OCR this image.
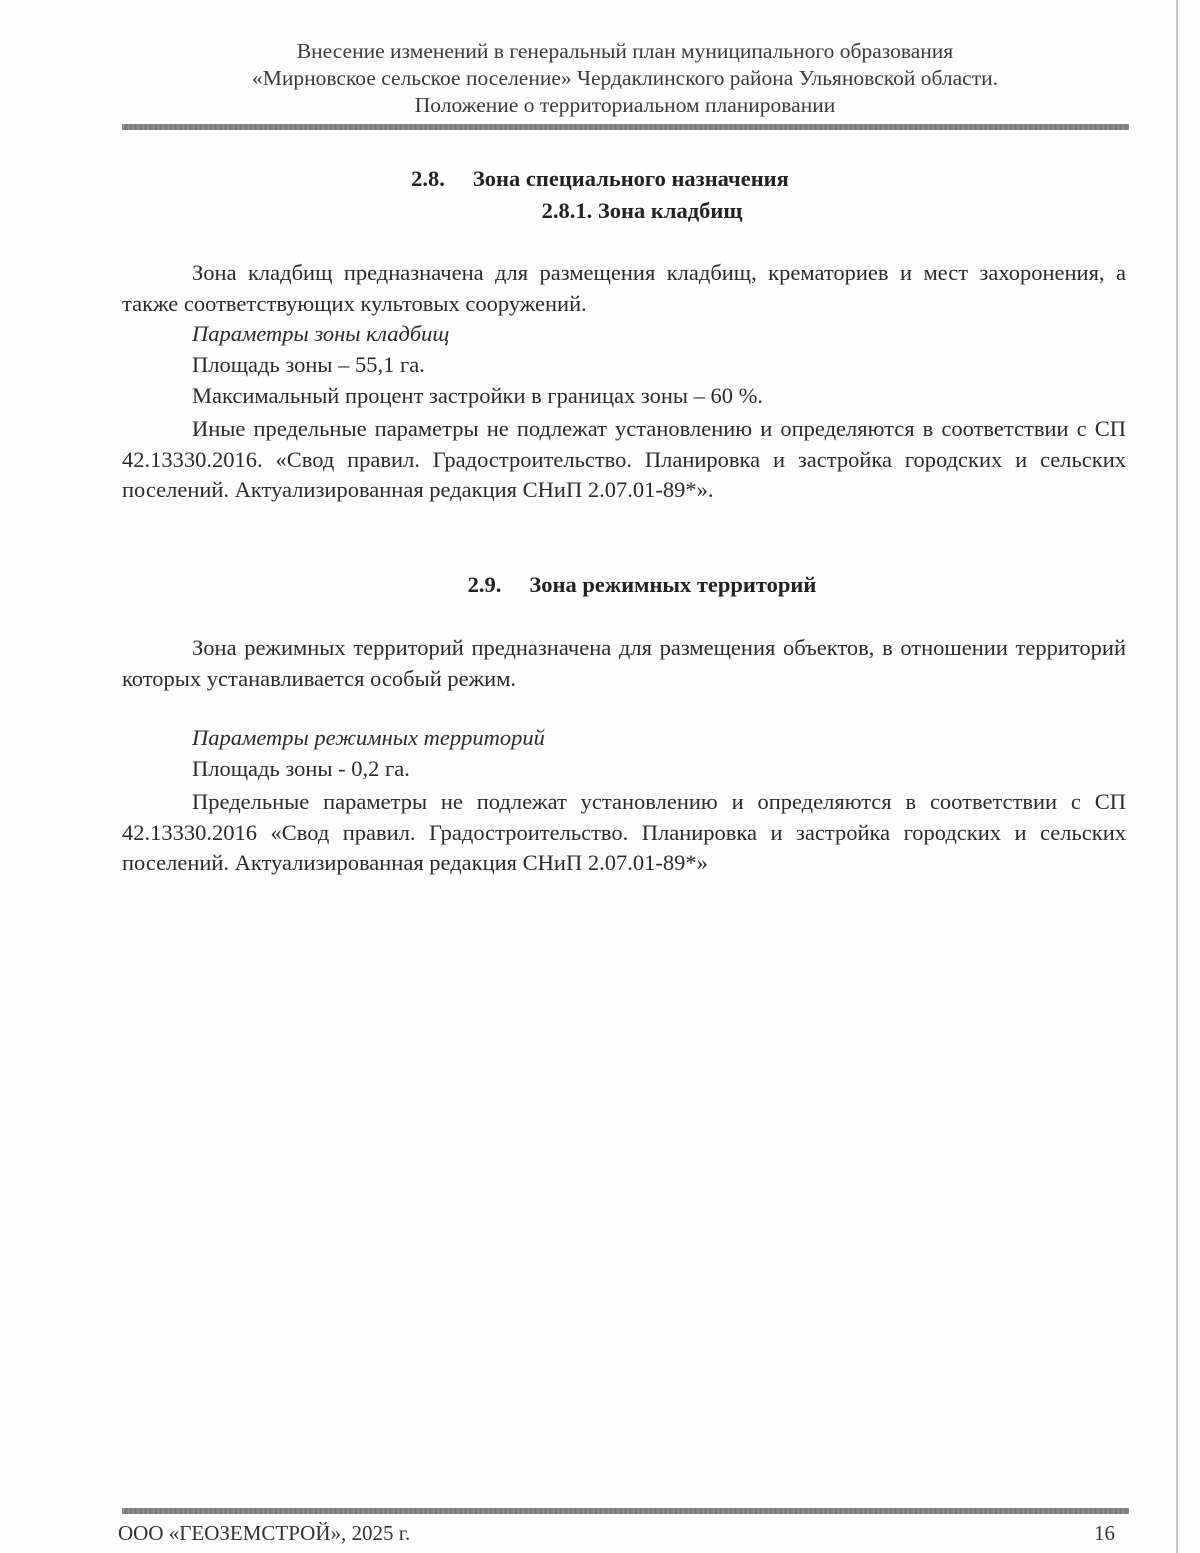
Внесение изменений в генеральный план муниципального образования
«Мирновское сельское поселение» Чердаклинского района Ульяновской области.
Положение о территориальном планировании
2.8. Зона специального назначения
2.8.1. Зона кладбищ
Зона кладбищ предназначена для размещения кладбищ, крематориев и мест захоронения, а также соответствующих культовых сооружений.
Параметры зоны кладбищ
Площадь зоны – 55,1 га.
Максимальный процент застройки в границах зоны – 60 %.
Иные предельные параметры не подлежат установлению и определяются в соответствии с СП 42.13330.2016. «Свод правил. Градостроительство. Планировка и застройка городских и сельских поселений. Актуализированная редакция СНиП 2.07.01-89*».
2.9. Зона режимных территорий
Зона режимных территорий предназначена для размещения объектов, в отношении территорий которых устанавливается особый режим.
Параметры режимных территорий
Площадь зоны - 0,2 га.
Предельные параметры не подлежат установлению и определяются в соответствии с СП 42.13330.2016 «Свод правил. Градостроительство. Планировка и застройка городских и сельских поселений. Актуализированная редакция СНиП 2.07.01-89*»
ООО «ГЕОЗЕМСТРОЙ», 2025 г.	16
